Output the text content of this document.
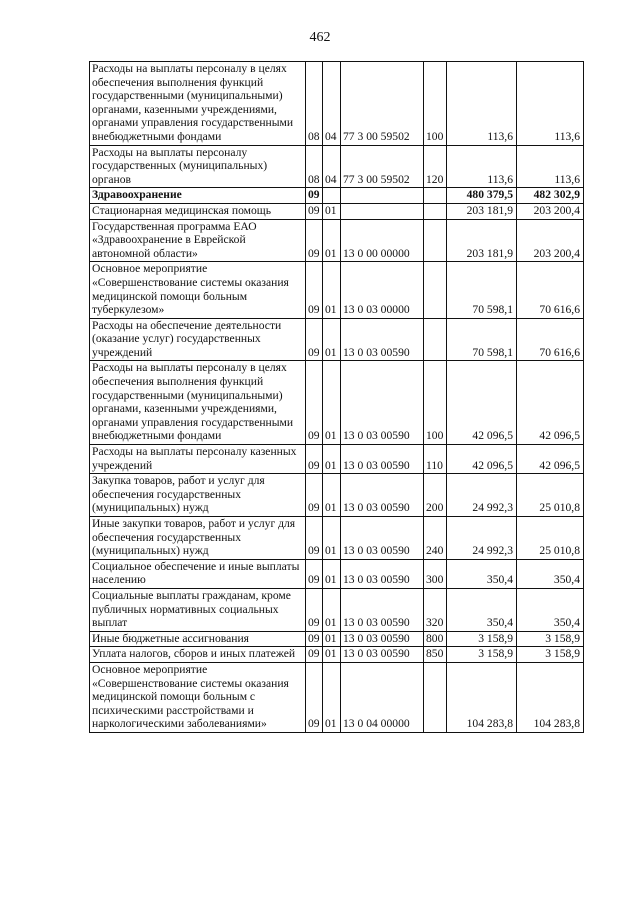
462
Расходы на выплаты персоналу в целях обеспечения выполнения функций государственными (муниципальными) органами, казенными учреждениями, органами управления государственными внебюджетными фондами	08	04	77 3 00 59502	100	113,6	113,6
Расходы на выплаты персоналу государственных (муниципальных) органов	08	04	77 3 00 59502	120	113,6	113,6
Здравоохранение	09				480 379,5	482 302,9
Стационарная медицинская помощь	09	01			203 181,9	203 200,4
Государственная программа ЕАО «Здравоохранение в Еврейской автономной области»	09	01	13 0 00 00000		203 181,9	203 200,4
Основное мероприятие «Совершенствование системы оказания медицинской помощи больным туберкулезом»	09	01	13 0 03 00000		70 598,1	70 616,6
Расходы на обеспечение деятельности (оказание услуг) государственных учреждений	09	01	13 0 03 00590		70 598,1	70 616,6
Расходы на выплаты персоналу в целях обеспечения выполнения функций государственными (муниципальными) органами, казенными учреждениями, органами управления государственными внебюджетными фондами	09	01	13 0 03 00590	100	42 096,5	42 096,5
Расходы на выплаты персоналу казенных учреждений	09	01	13 0 03 00590	110	42 096,5	42 096,5
Закупка товаров, работ и услуг для обеспечения государственных (муниципальных) нужд	09	01	13 0 03 00590	200	24 992,3	25 010,8
Иные закупки товаров, работ и услуг для обеспечения государственных (муниципальных) нужд	09	01	13 0 03 00590	240	24 992,3	25 010,8
Социальное обеспечение и иные выплаты населению	09	01	13 0 03 00590	300	350,4	350,4
Социальные выплаты гражданам, кроме публичных нормативных социальных выплат	09	01	13 0 03 00590	320	350,4	350,4
Иные бюджетные ассигнования	09	01	13 0 03 00590	800	3 158,9	3 158,9
Уплата налогов, сборов и иных платежей	09	01	13 0 03 00590	850	3 158,9	3 158,9
Основное мероприятие «Совершенствование системы оказания медицинской помощи больным с психическими расстройствами и наркологическими заболеваниями»	09	01	13 0 04 00000		104 283,8	104 283,8
